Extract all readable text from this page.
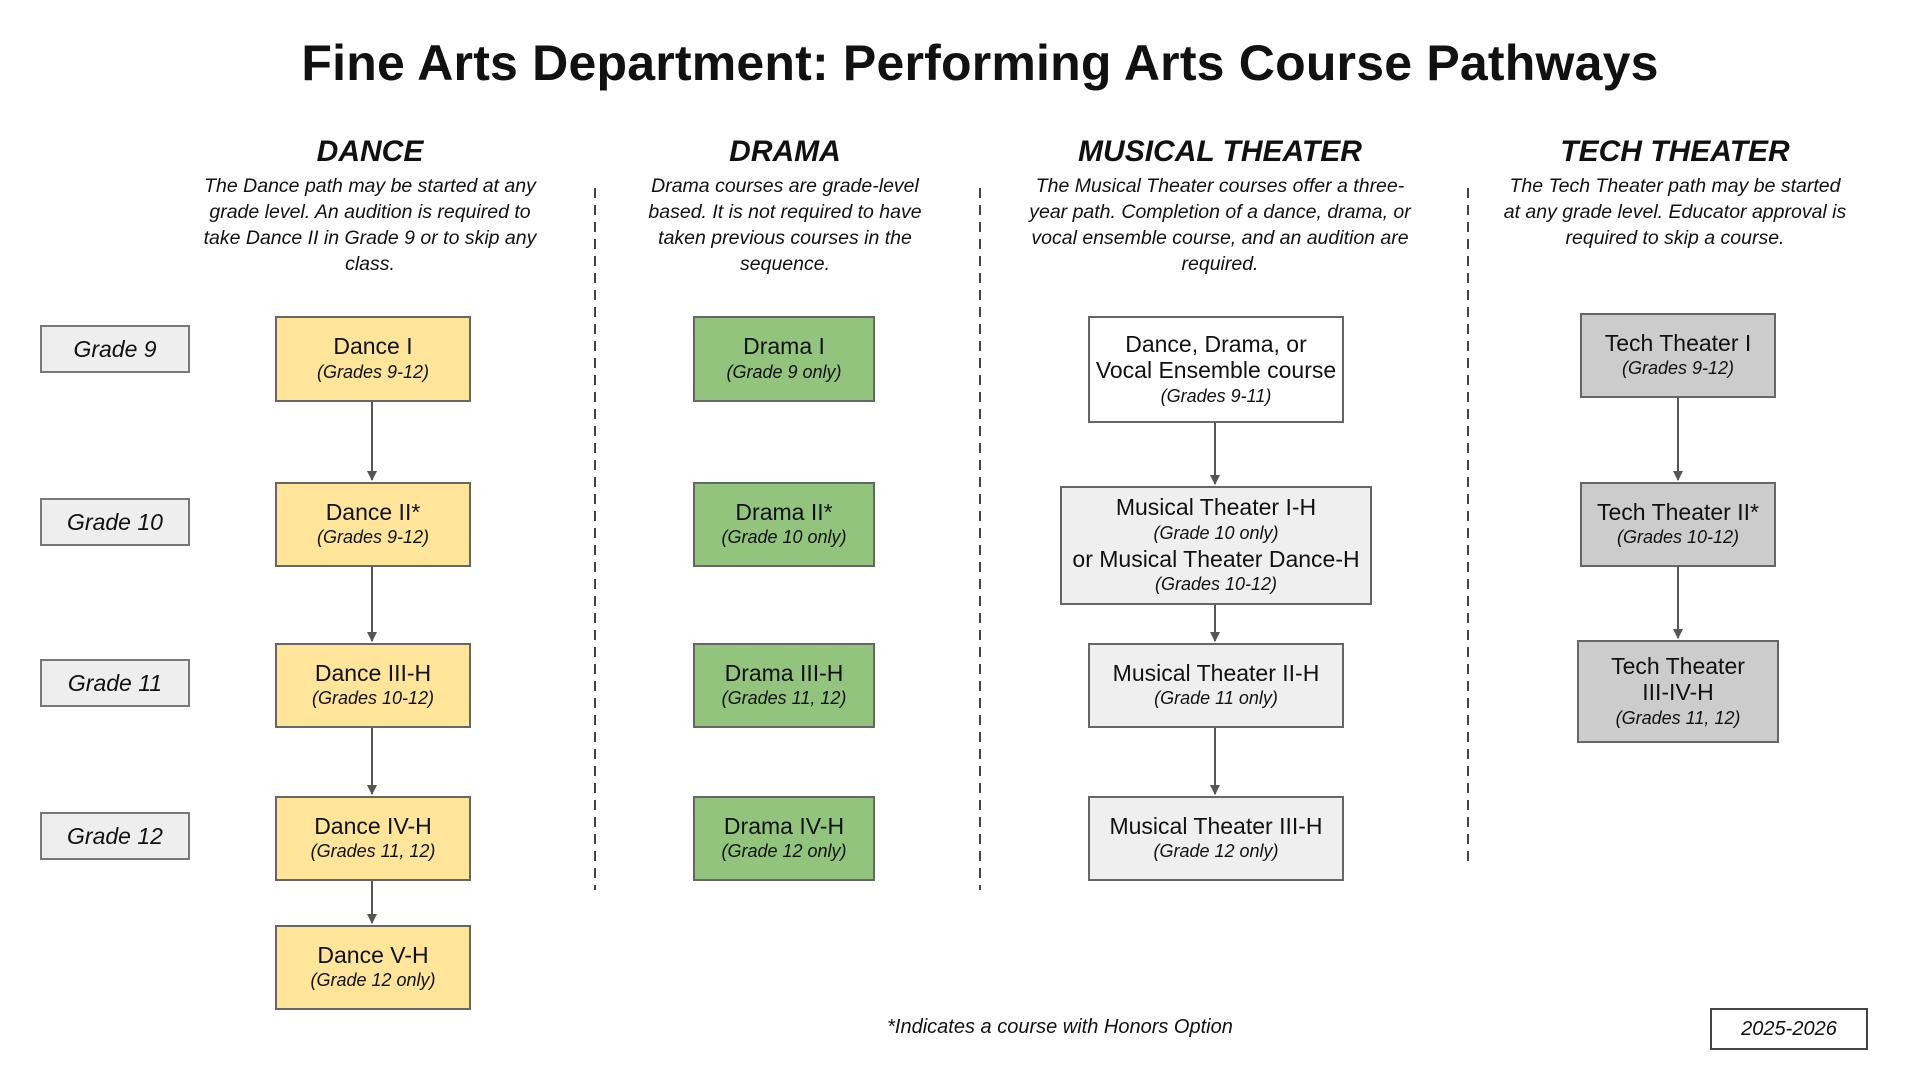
Fine Arts Department: Performing Arts Course Pathways
DANCE
The Dance path may be started at any grade level. An audition is required to take Dance II in Grade 9 or to skip any class.
DRAMA
Drama courses are grade-level based. It is not required to have taken previous courses in the sequence.
MUSICAL THEATER
The Musical Theater courses offer a three-year path. Completion of a dance, drama, or vocal ensemble course, and an audition are required.
TECH THEATER
The Tech Theater path may be started at any grade level. Educator approval is required to skip a course.
Grade 9
Grade 10
Grade 11
Grade 12
Dance I
(Grades 9-12)
Dance II*
(Grades 9-12)
Dance III-H
(Grades 10-12)
Dance IV-H
(Grades 11, 12)
Dance V-H
(Grade 12 only)
Drama I
(Grade 9 only)
Drama II*
(Grade 10 only)
Drama III-H
(Grades 11, 12)
Drama IV-H
(Grade 12 only)
Dance, Drama, or
Vocal Ensemble course
(Grades 9-11)
Musical Theater I-H
(Grade 10 only)
or Musical Theater Dance-H
(Grades 10-12)
Musical Theater II-H
(Grade 11 only)
Musical Theater III-H
(Grade 12 only)
Tech Theater I
(Grades 9-12)
Tech Theater II*
(Grades 10-12)
Tech Theater
III-IV-H
(Grades 11, 12)
*Indicates a course with Honors Option	2025-2026
